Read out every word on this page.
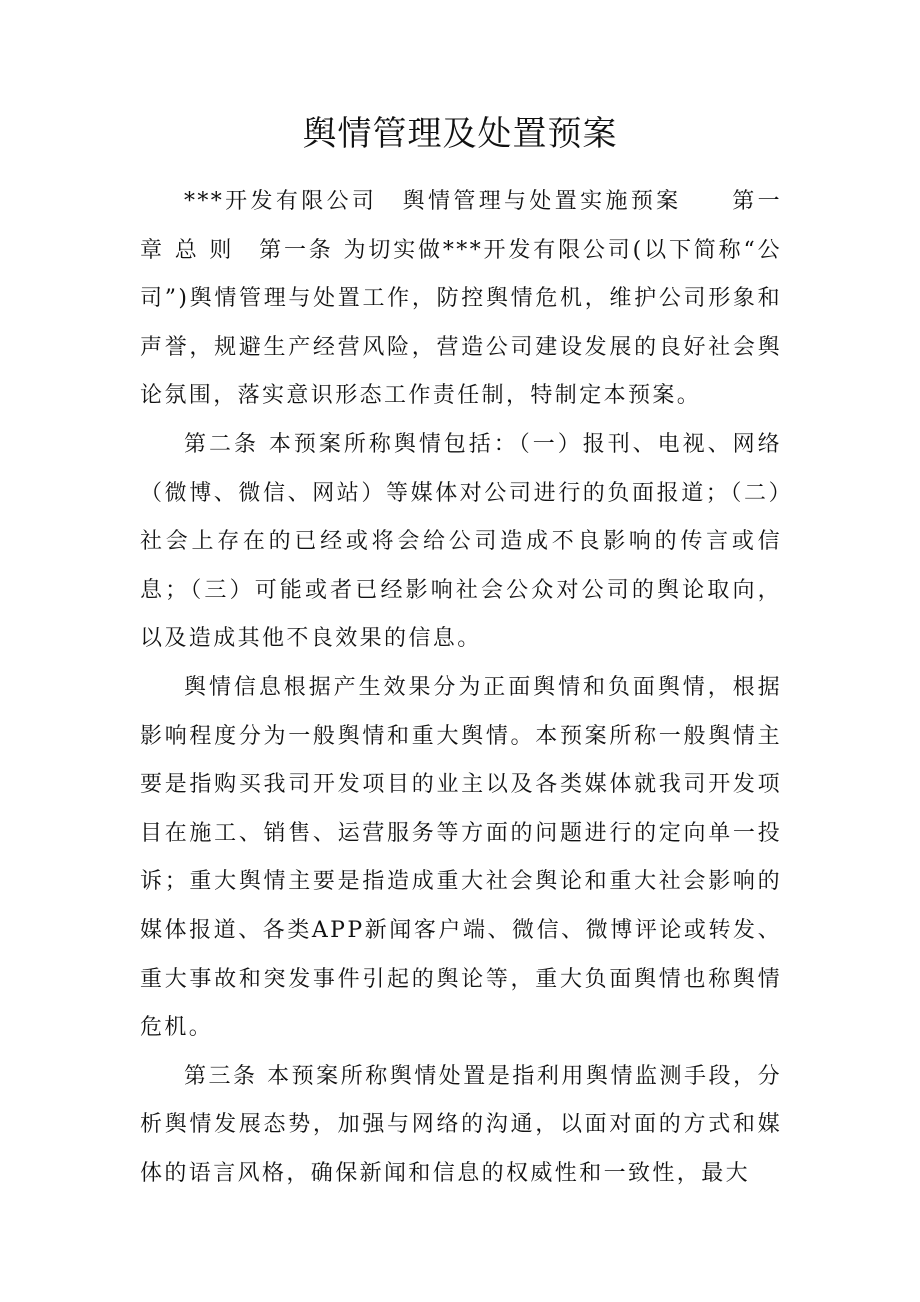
舆情管理及处置预案

***开发有限公司　舆情管理与处置实施预案　　第一章 总 则　第一条 为切实做***开发有限公司(以下简称“公司”)舆情管理与处置工作，防控舆情危机，维护公司形象和声誉，规避生产经营风险，营造公司建设发展的良好社会舆论氛围，落实意识形态工作责任制，特制定本预案。

第二条 本预案所称舆情包括：（一）报刊、电视、网络（微博、微信、网站）等媒体对公司进行的负面报道；（二）社会上存在的已经或将会给公司造成不良影响的传言或信息；（三）可能或者已经影响社会公众对公司的舆论取向，以及造成其他不良效果的信息。

舆情信息根据产生效果分为正面舆情和负面舆情，根据影响程度分为一般舆情和重大舆情。本预案所称一般舆情主要是指购买我司开发项目的业主以及各类媒体就我司开发项目在施工、销售、运营服务等方面的问题进行的定向单一投诉；重大舆情主要是指造成重大社会舆论和重大社会影响的媒体报道、各类APP新闻客户端、微信、微博评论或转发、重大事故和突发事件引起的舆论等，重大负面舆情也称舆情危机。

第三条 本预案所称舆情处置是指利用舆情监测手段，分析舆情发展态势，加强与网络的沟通，以面对面的方式和媒体的语言风格，确保新闻和信息的权威性和一致性，最大
